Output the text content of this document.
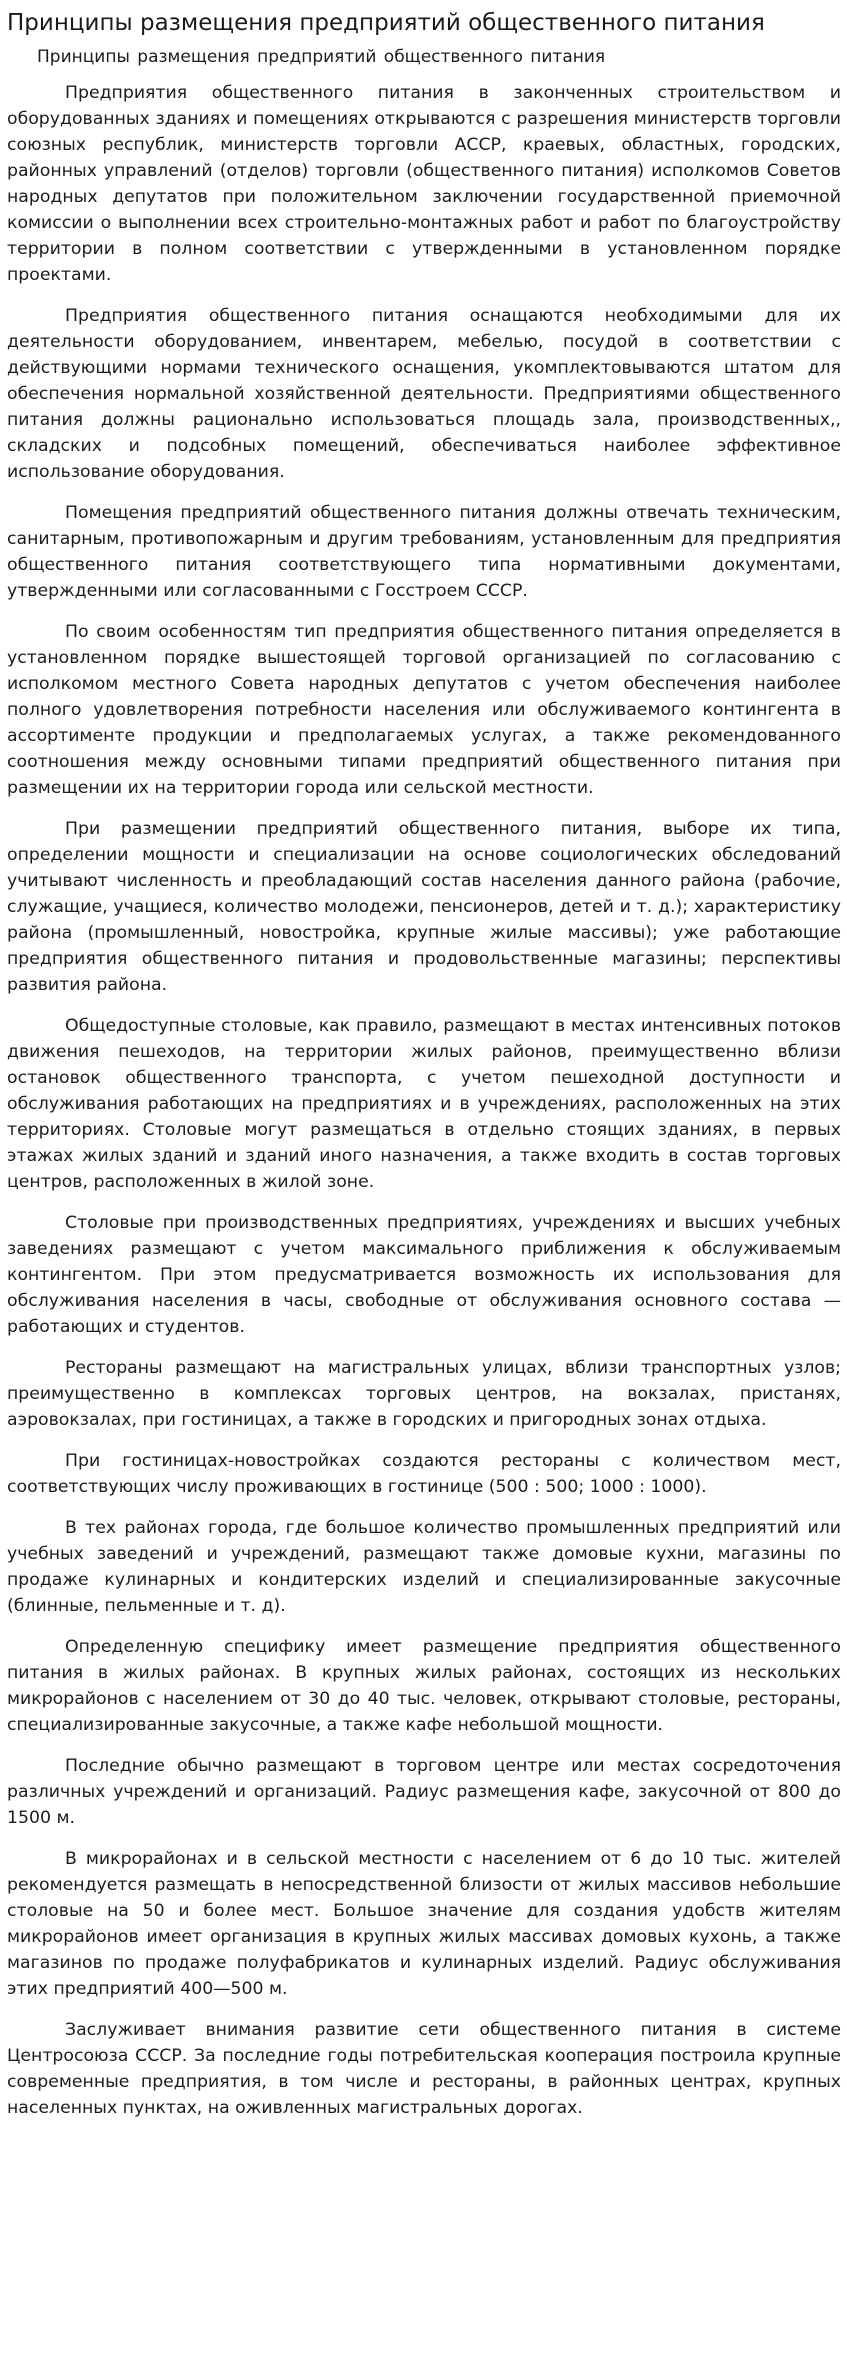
Принципы размещения предприятий общественного питания
Принципы размещения предприятий общественного питания

Предприятия общественного питания в законченных строительством и оборудованных зданиях и помещениях открываются с разрешения министерств торговли союзных республик, министерств торговли АССР, краевых, областных, городских, районных управлений (отделов) торговли (общественного питания) исполкомов Советов народных депутатов при положительном заключении государственной приемочной комиссии о выполнении всех строительно-монтажных работ и работ по благоустройству территории в полном соответствии с утвержденными в установленном порядке проектами.

Предприятия общественного питания оснащаются необходимыми для их деятельности оборудованием, инвентарем, мебелью, посудой в соответствии с действующими нормами технического оснащения, укомплектовываются штатом для обеспечения нормальной хозяйственной деятельности. Предприятиями общественного питания должны рационально использоваться площадь зала, производственных,, складских и подсобных помещений, обеспечиваться наиболее эффективное использование оборудования.

Помещения предприятий общественного питания должны отвечать техническим, санитарным, противопожарным и другим требованиям, установленным для предприятия общественного питания соответствующего типа нормативными документами, утвержденными или согласованными с Госстроем СССР.

По своим особенностям тип предприятия общественного питания определяется в установленном порядке вышестоящей торговой организацией по согласованию с исполкомом местного Совета народных депутатов с учетом обеспечения наиболее полного удовлетворения потребности населения или обслуживаемого контингента в ассортименте продукции и предполагаемых услугах, а также рекомендованного соотношения между основными типами предприятий общественного питания при размещении их на территории города или сельской местности.

При размещении предприятий общественного питания, выборе их типа, определении мощности и специализации на основе социологических обследований учитывают численность и преобладающий состав населения данного района (рабочие, служащие, учащиеся, количество молодежи, пенсионеров, детей и т. д.); характеристику района (промышленный, новостройка, крупные жилые массивы); уже работающие предприятия общественного питания и продовольственные магазины; перспективы развития района.

Общедоступные столовые, как правило, размещают в местах интенсивных потоков движения пешеходов, на территории жилых районов, преимущественно вблизи остановок общественного транспорта, с учетом пешеходной доступности и обслуживания работающих на предприятиях и в учреждениях, расположенных на этих территориях. Столовые могут размещаться в отдельно стоящих зданиях, в первых этажах жилых зданий и зданий иного назначения, а также входить в состав торговых центров, расположенных в жилой зоне.

Столовые при производственных предприятиях, учреждениях и высших учебных заведениях размещают с учетом максимального приближения к обслуживаемым контингентом. При этом предусматривается возможность их использования для обслуживания населения в часы, свободные от обслуживания основного состава — работающих и студентов.

Рестораны размещают на магистральных улицах, вблизи транспортных узлов; преимущественно в комплексах торговых центров, на вокзалах, пристанях, аэровокзалах, при гостиницах, а также в городских и пригородных зонах отдыха.

При гостиницах-новостройках создаются рестораны с количеством мест, соответствующих числу проживающих в гостинице (500 : 500; 1000 : 1000).

В тех районах города, где большое количество промышленных предприятий или учебных заведений и учреждений, размещают также домовые кухни, магазины по продаже кулинарных и кондитерских изделий и специализированные закусочные (блинные, пельменные и т. д).

Определенную специфику имеет размещение предприятия общественного питания в жилых районах. В крупных жилых районах, состоящих из нескольких микрорайонов с населением от 30 до 40 тыс. человек, открывают столовые, рестораны, специализированные закусочные, а также кафе небольшой мощности.

Последние обычно размещают в торговом центре или местах сосредоточения различных учреждений и организаций. Радиус размещения кафе, закусочной от 800 до 1500 м.

В микрорайонах и в сельской местности с населением от 6 до 10 тыс. жителей рекомендуется размещать в непосредственной близости от жилых массивов небольшие столовые на 50 и более мест. Большое значение для создания удобств жителям микрорайонов имеет организация в крупных жилых массивах домовых кухонь, а также магазинов по продаже полуфабрикатов и кулинарных изделий. Радиус обслуживания этих предприятий 400—500 м.

Заслуживает внимания развитие сети общественного питания в системе Центросоюза СССР. За последние годы потребительская кооперация построила крупные современные предприятия, в том числе и рестораны, в районных центрах, крупных населенных пунктах, на оживленных магистральных дорогах.
